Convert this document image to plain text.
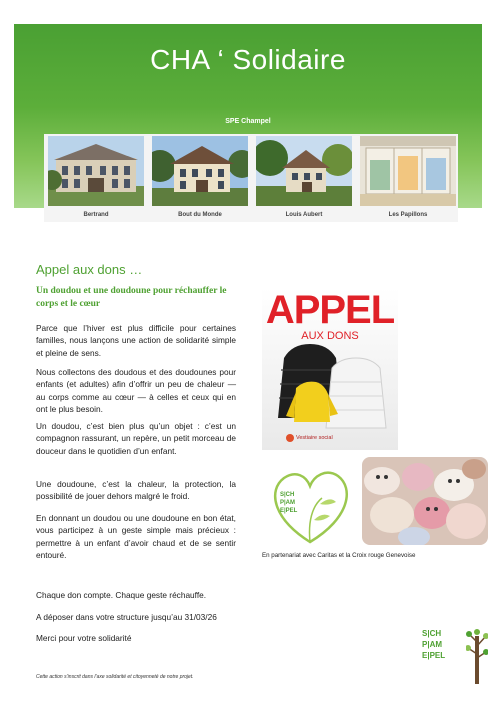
CHA ‘ Solidaire
SPE Champel
Bertrand	Bout du Monde	Louis Aubert	Les Papillons
Appel aux dons …
Un doudou et une doudoune pour réchauffer le corps et le cœur
Parce que l’hiver est plus difficile pour certaines familles, nous lançons une action de solidarité simple et pleine de sens.
Nous collectons des doudous et des doudounes pour enfants (et adultes) afin d’offrir un peu de chaleur — au corps comme au cœur — à celles et ceux qui en ont le plus besoin.
Un doudou, c’est bien plus qu’un objet : c’est un compagnon rassurant, un repère, un petit morceau de douceur dans le quotidien d’un enfant.
Une doudoune, c’est la chaleur, la protection, la possibilité de jouer dehors malgré le froid.
En donnant un doudou ou une doudoune en bon état, vous participez à un geste simple mais précieux : permettre à un enfant d’avoir chaud et de se sentir entouré.
Chaque don compte. Chaque geste réchauffe.
A déposer dans votre structure jusqu’au 31/03/26
Merci pour votre solidarité
Cette action s’inscrit dans l’axe solidarité et citoyenneté de notre projet.
APPEL
AUX DONS
Vestiaire social
S|CH
P|AM
E|PEL
En partenariat avec Caritas et la Croix rouge Genevoise
S|CH
P|AM
E|PEL
